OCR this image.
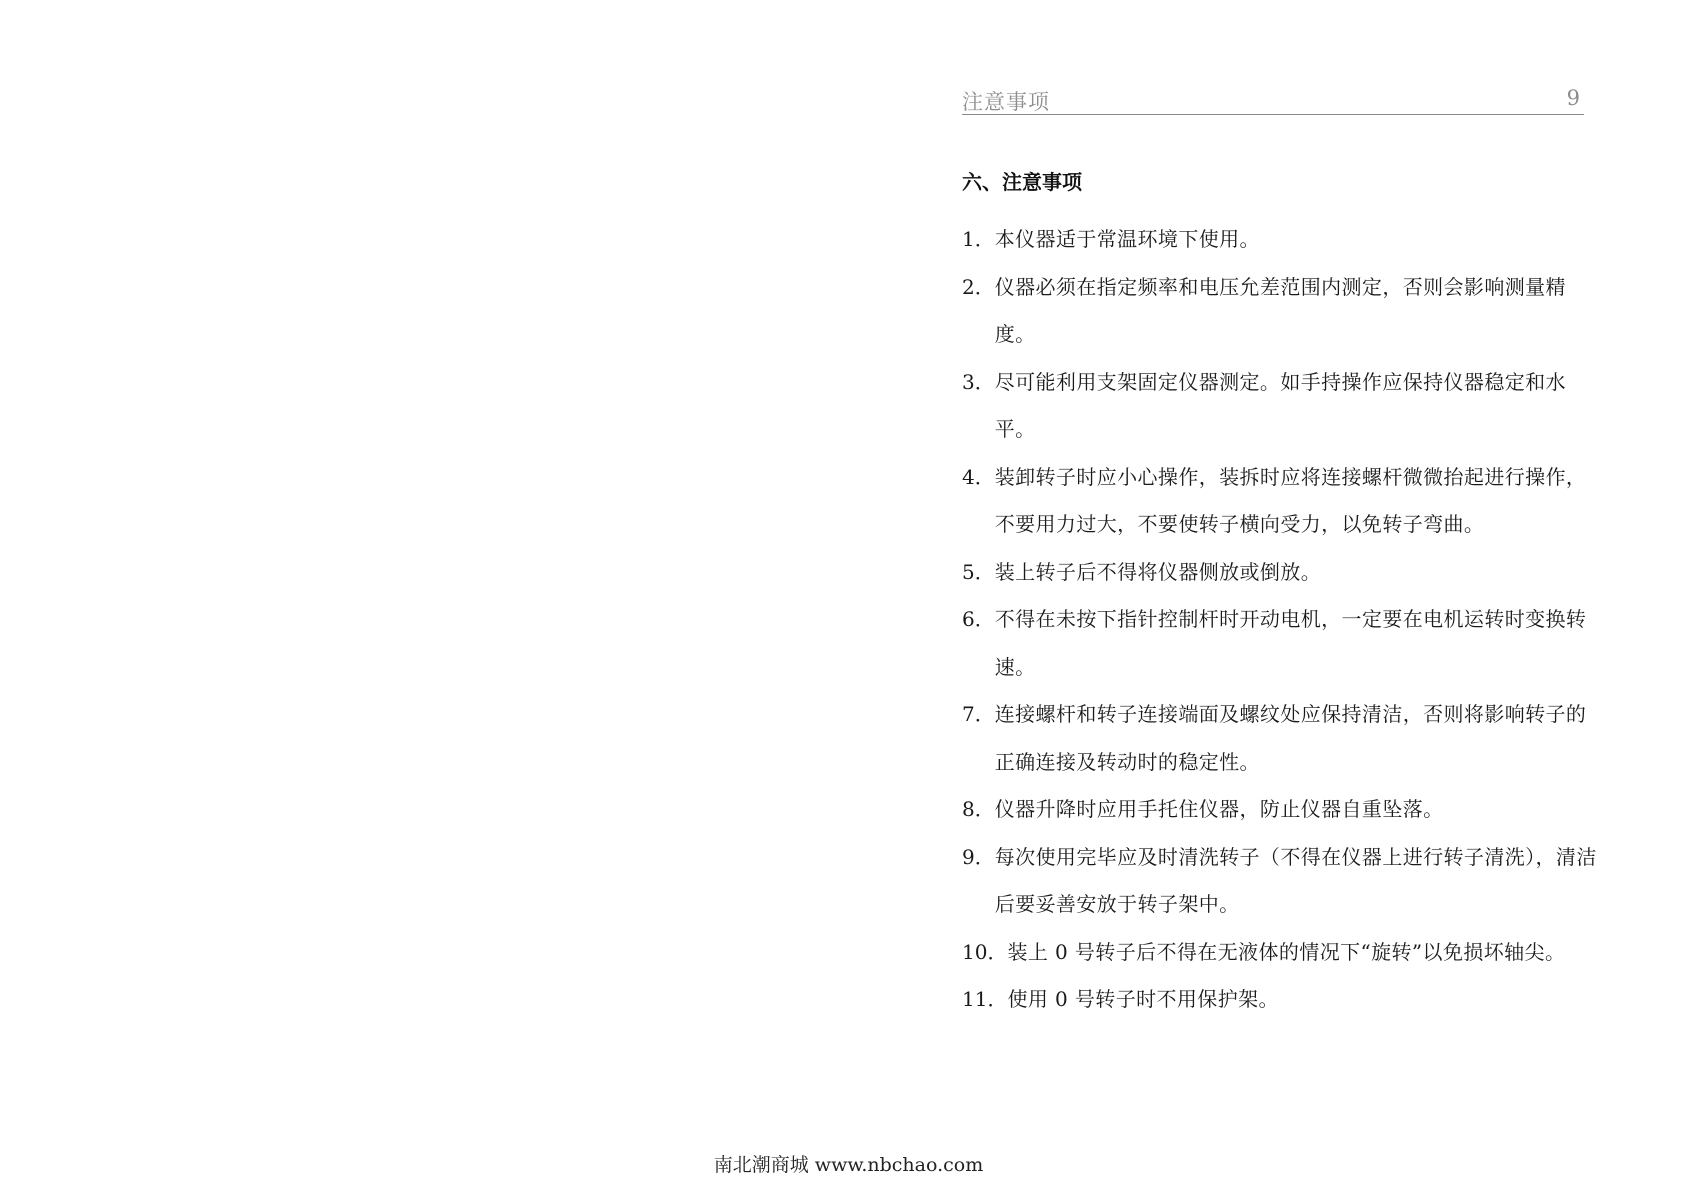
注意事项	9
六、注意事项
1． 本仪器适于常温环境下使用。
2． 仪器必须在指定频率和电压允差范围内测定，否则会影响测量精度。
3． 尽可能利用支架固定仪器测定。如手持操作应保持仪器稳定和水平。
4． 装卸转子时应小心操作，装拆时应将连接螺杆微微抬起进行操作，不要用力过大，不要使转子横向受力，以免转子弯曲。
5． 装上转子后不得将仪器侧放或倒放。
6． 不得在未按下指针控制杆时开动电机，一定要在电机运转时变换转速。
7． 连接螺杆和转子连接端面及螺纹处应保持清洁，否则将影响转子的正确连接及转动时的稳定性。
8． 仪器升降时应用手托住仪器，防止仪器自重坠落。
9． 每次使用完毕应及时清洗转子（不得在仪器上进行转子清洗），清洁后要妥善安放于转子架中。
10． 装上 0 号转子后不得在无液体的情况下“旋转”以免损坏轴尖。
11． 使用 0 号转子时不用保护架。
南北潮商城 www.nbchao.com
